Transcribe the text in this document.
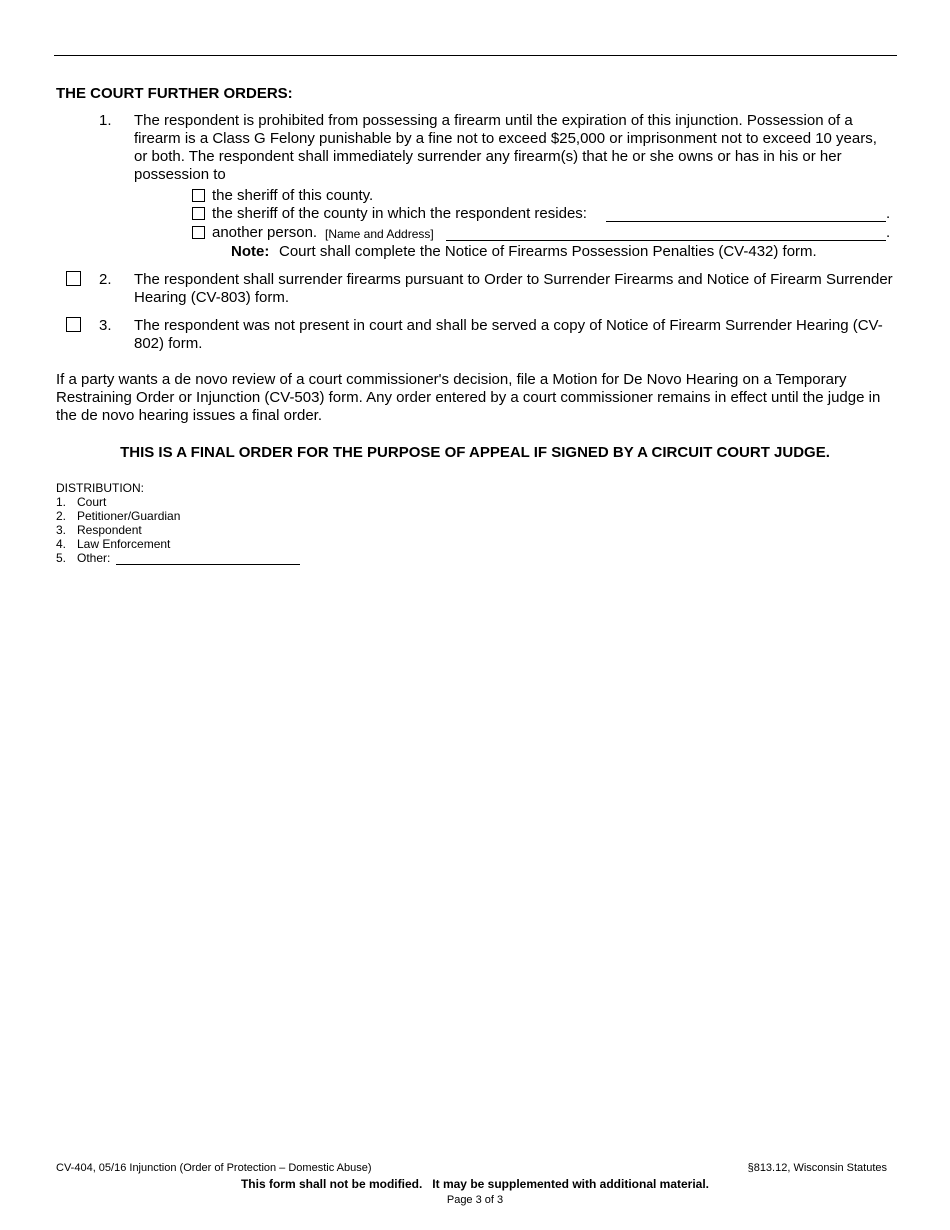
THE COURT FURTHER ORDERS:
1. The respondent is prohibited from possessing a firearm until the expiration of this injunction. Possession of a firearm is a Class G Felony punishable by a fine not to exceed $25,000 or imprisonment not to exceed 10 years, or both. The respondent shall immediately surrender any firearm(s) that he or she owns or has in his or her possession to
the sheriff of this county.
the sheriff of the county in which the respondent resides:	.
another person. [Name and Address]	.
Note: Court shall complete the Notice of Firearms Possession Penalties (CV-432) form.
2. The respondent shall surrender firearms pursuant to Order to Surrender Firearms and Notice of Firearm Surrender Hearing (CV-803) form.
3. The respondent was not present in court and shall be served a copy of Notice of Firearm Surrender Hearing (CV-802) form.
If a party wants a de novo review of a court commissioner's decision, file a Motion for De Novo Hearing on a Temporary Restraining Order or Injunction (CV-503) form. Any order entered by a court commissioner remains in effect until the judge in the de novo hearing issues a final order.
THIS IS A FINAL ORDER FOR THE PURPOSE OF APPEAL IF SIGNED BY A CIRCUIT COURT JUDGE.
DISTRIBUTION:
1. Court
2. Petitioner/Guardian
3. Respondent
4. Law Enforcement
5. Other:
CV-404, 05/16 Injunction (Order of Protection – Domestic Abuse)	§813.12, Wisconsin Statutes
This form shall not be modified.   It may be supplemented with additional material.
Page 3 of 3
